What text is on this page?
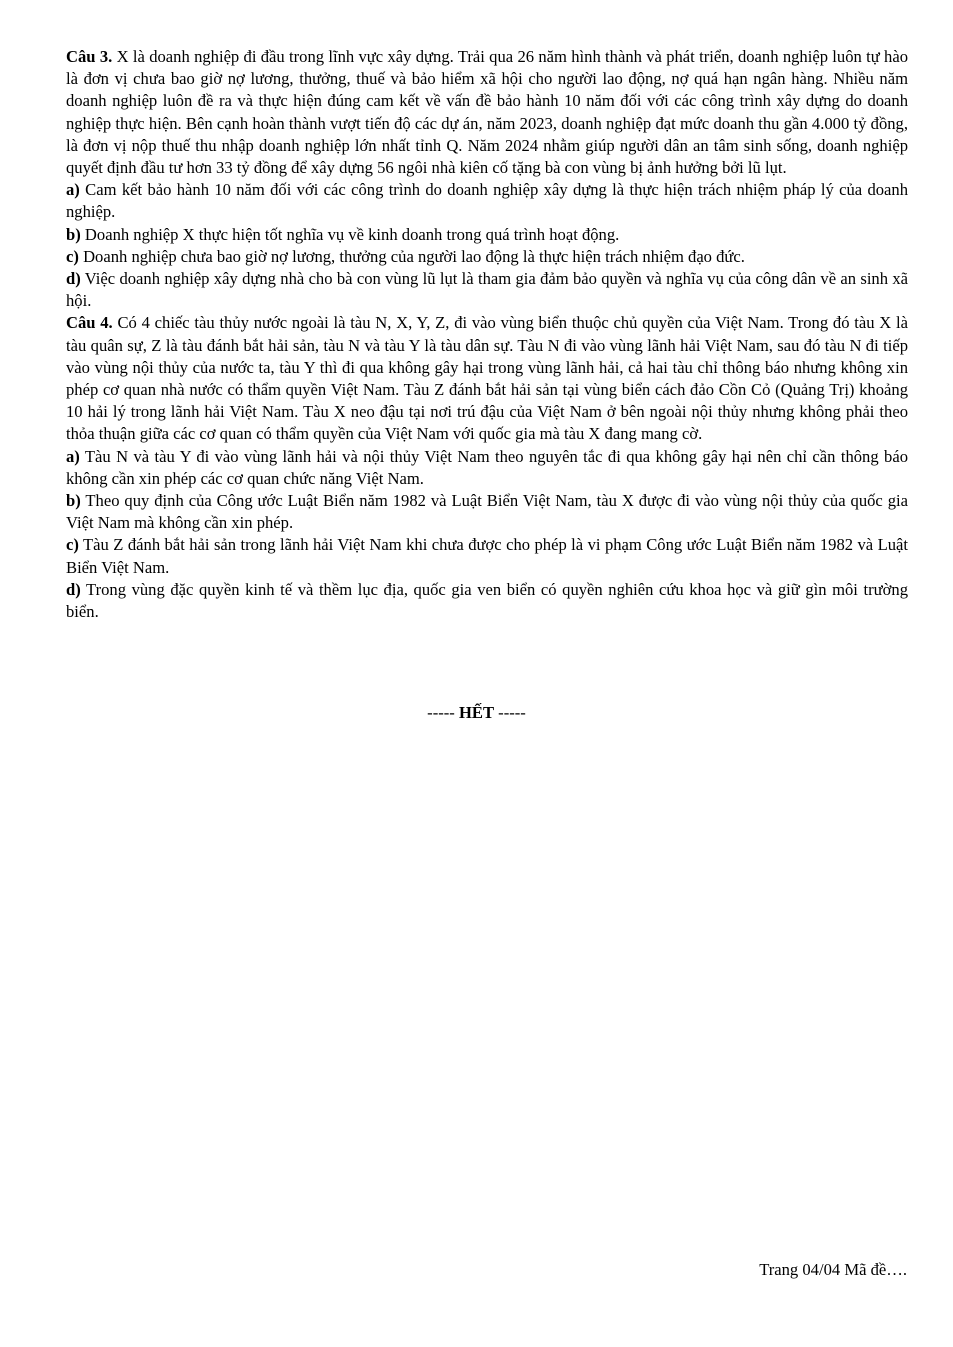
Câu 3. X là doanh nghiệp đi đầu trong lĩnh vực xây dựng. Trải qua 26 năm hình thành và phát triển, doanh nghiệp luôn tự hào là đơn vị chưa bao giờ nợ lương, thưởng, thuế và bảo hiểm xã hội cho người lao động, nợ quá hạn ngân hàng. Nhiều năm doanh nghiệp luôn đề ra và thực hiện đúng cam kết về vấn đề bảo hành 10 năm đối với các công trình xây dựng do doanh nghiệp thực hiện. Bên cạnh hoàn thành vượt tiến độ các dự án, năm 2023, doanh nghiệp đạt mức doanh thu gần 4.000 tỷ đồng, là đơn vị nộp thuế thu nhập doanh nghiệp lớn nhất tỉnh Q. Năm 2024 nhằm giúp người dân an tâm sinh sống, doanh nghiệp quyết định đầu tư hơn 33 tỷ đồng để xây dựng 56 ngôi nhà kiên cố tặng bà con vùng bị ảnh hưởng bởi lũ lụt.

a) Cam kết bảo hành 10 năm đối với các công trình do doanh nghiệp xây dựng là thực hiện trách nhiệm pháp lý của doanh nghiệp.

b) Doanh nghiệp X thực hiện tốt nghĩa vụ về kinh doanh trong quá trình hoạt động.

c) Doanh nghiệp chưa bao giờ nợ lương, thưởng của người lao động là thực hiện trách nhiệm đạo đức.

d) Việc doanh nghiệp xây dựng nhà cho bà con vùng lũ lụt là tham gia đảm bảo quyền và nghĩa vụ của công dân về an sinh xã hội.

Câu 4. Có 4 chiếc tàu thủy nước ngoài là tàu N, X, Y, Z, đi vào vùng biển thuộc chủ quyền của Việt Nam. Trong đó tàu X là tàu quân sự, Z là tàu đánh bắt hải sản, tàu N và tàu Y là tàu dân sự. Tàu N đi vào vùng lãnh hải Việt Nam, sau đó tàu N đi tiếp vào vùng nội thủy của nước ta, tàu Y thì đi qua không gây hại trong vùng lãnh hải, cả hai tàu chỉ thông báo nhưng không xin phép cơ quan nhà nước có thẩm quyền Việt Nam. Tàu Z đánh bắt hải sản tại vùng biển cách đảo Cồn Cỏ (Quảng Trị) khoảng 10 hải lý trong lãnh hải Việt Nam. Tàu X neo đậu tại nơi trú đậu của Việt Nam ở bên ngoài nội thủy nhưng không phải theo thỏa thuận giữa các cơ quan có thẩm quyền của Việt Nam với quốc gia mà tàu X đang mang cờ.

a) Tàu N và tàu Y đi vào vùng lãnh hải và nội thủy Việt Nam theo nguyên tắc đi qua không gây hại nên chỉ cần thông báo không cần xin phép các cơ quan chức năng Việt Nam.

b) Theo quy định của Công ước Luật Biển năm 1982 và Luật Biển Việt Nam, tàu X được đi vào vùng nội thủy của quốc gia Việt Nam mà không cần xin phép.

c) Tàu Z đánh bắt hải sản trong lãnh hải Việt Nam khi chưa được cho phép là vi phạm Công ước Luật Biển năm 1982 và Luật Biển Việt Nam.

d) Trong vùng đặc quyền kinh tế và thềm lục địa, quốc gia ven biển có quyền nghiên cứu khoa học và giữ gìn môi trường biển.

----- HẾT -----
Trang 04/04 Mã đề….
